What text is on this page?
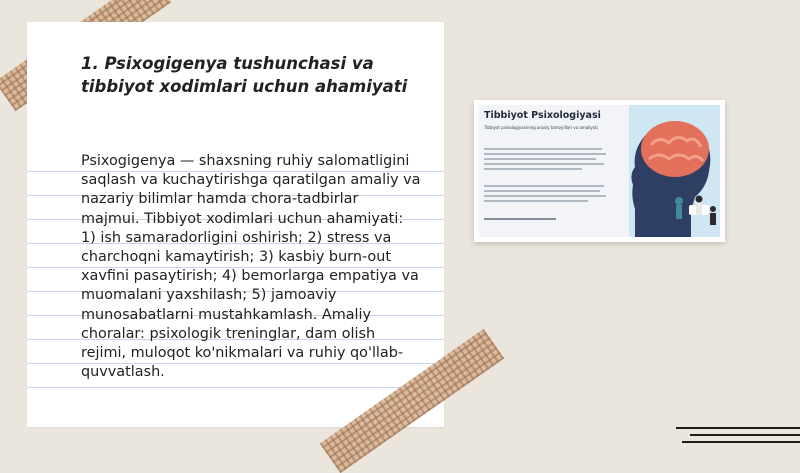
1. Psixogigenya tushunchasi va tibbiyot xodimlari uchun ahamiyati

Psixogigenya — shaxsning ruhiy salomatligini saqlash va kuchaytirishga qaratilgan amaliy va nazariy bilimlar hamda chora-tadbirlar majmui. Tibbiyot xodimlari uchun ahamiyati: 1) ish samaradorligini oshirish; 2) stress va charchoqni kamaytirish; 3) kasbiy burn-out xavfini pasaytirish; 4) bemorlarga empatiya va muomalani yaxshilash; 5) jamoaviy munosabatlarni mustahkamlash. Amaliy choralar: psixologik treninglar, dam olish rejimi, muloqot ko'nikmalari va ruhiy qo'llab-quvvatlash.

Tibbiyot Psixologiyasi

Tibbiyot psixologiyasining asosiy tamoyillari va amaliyoti
